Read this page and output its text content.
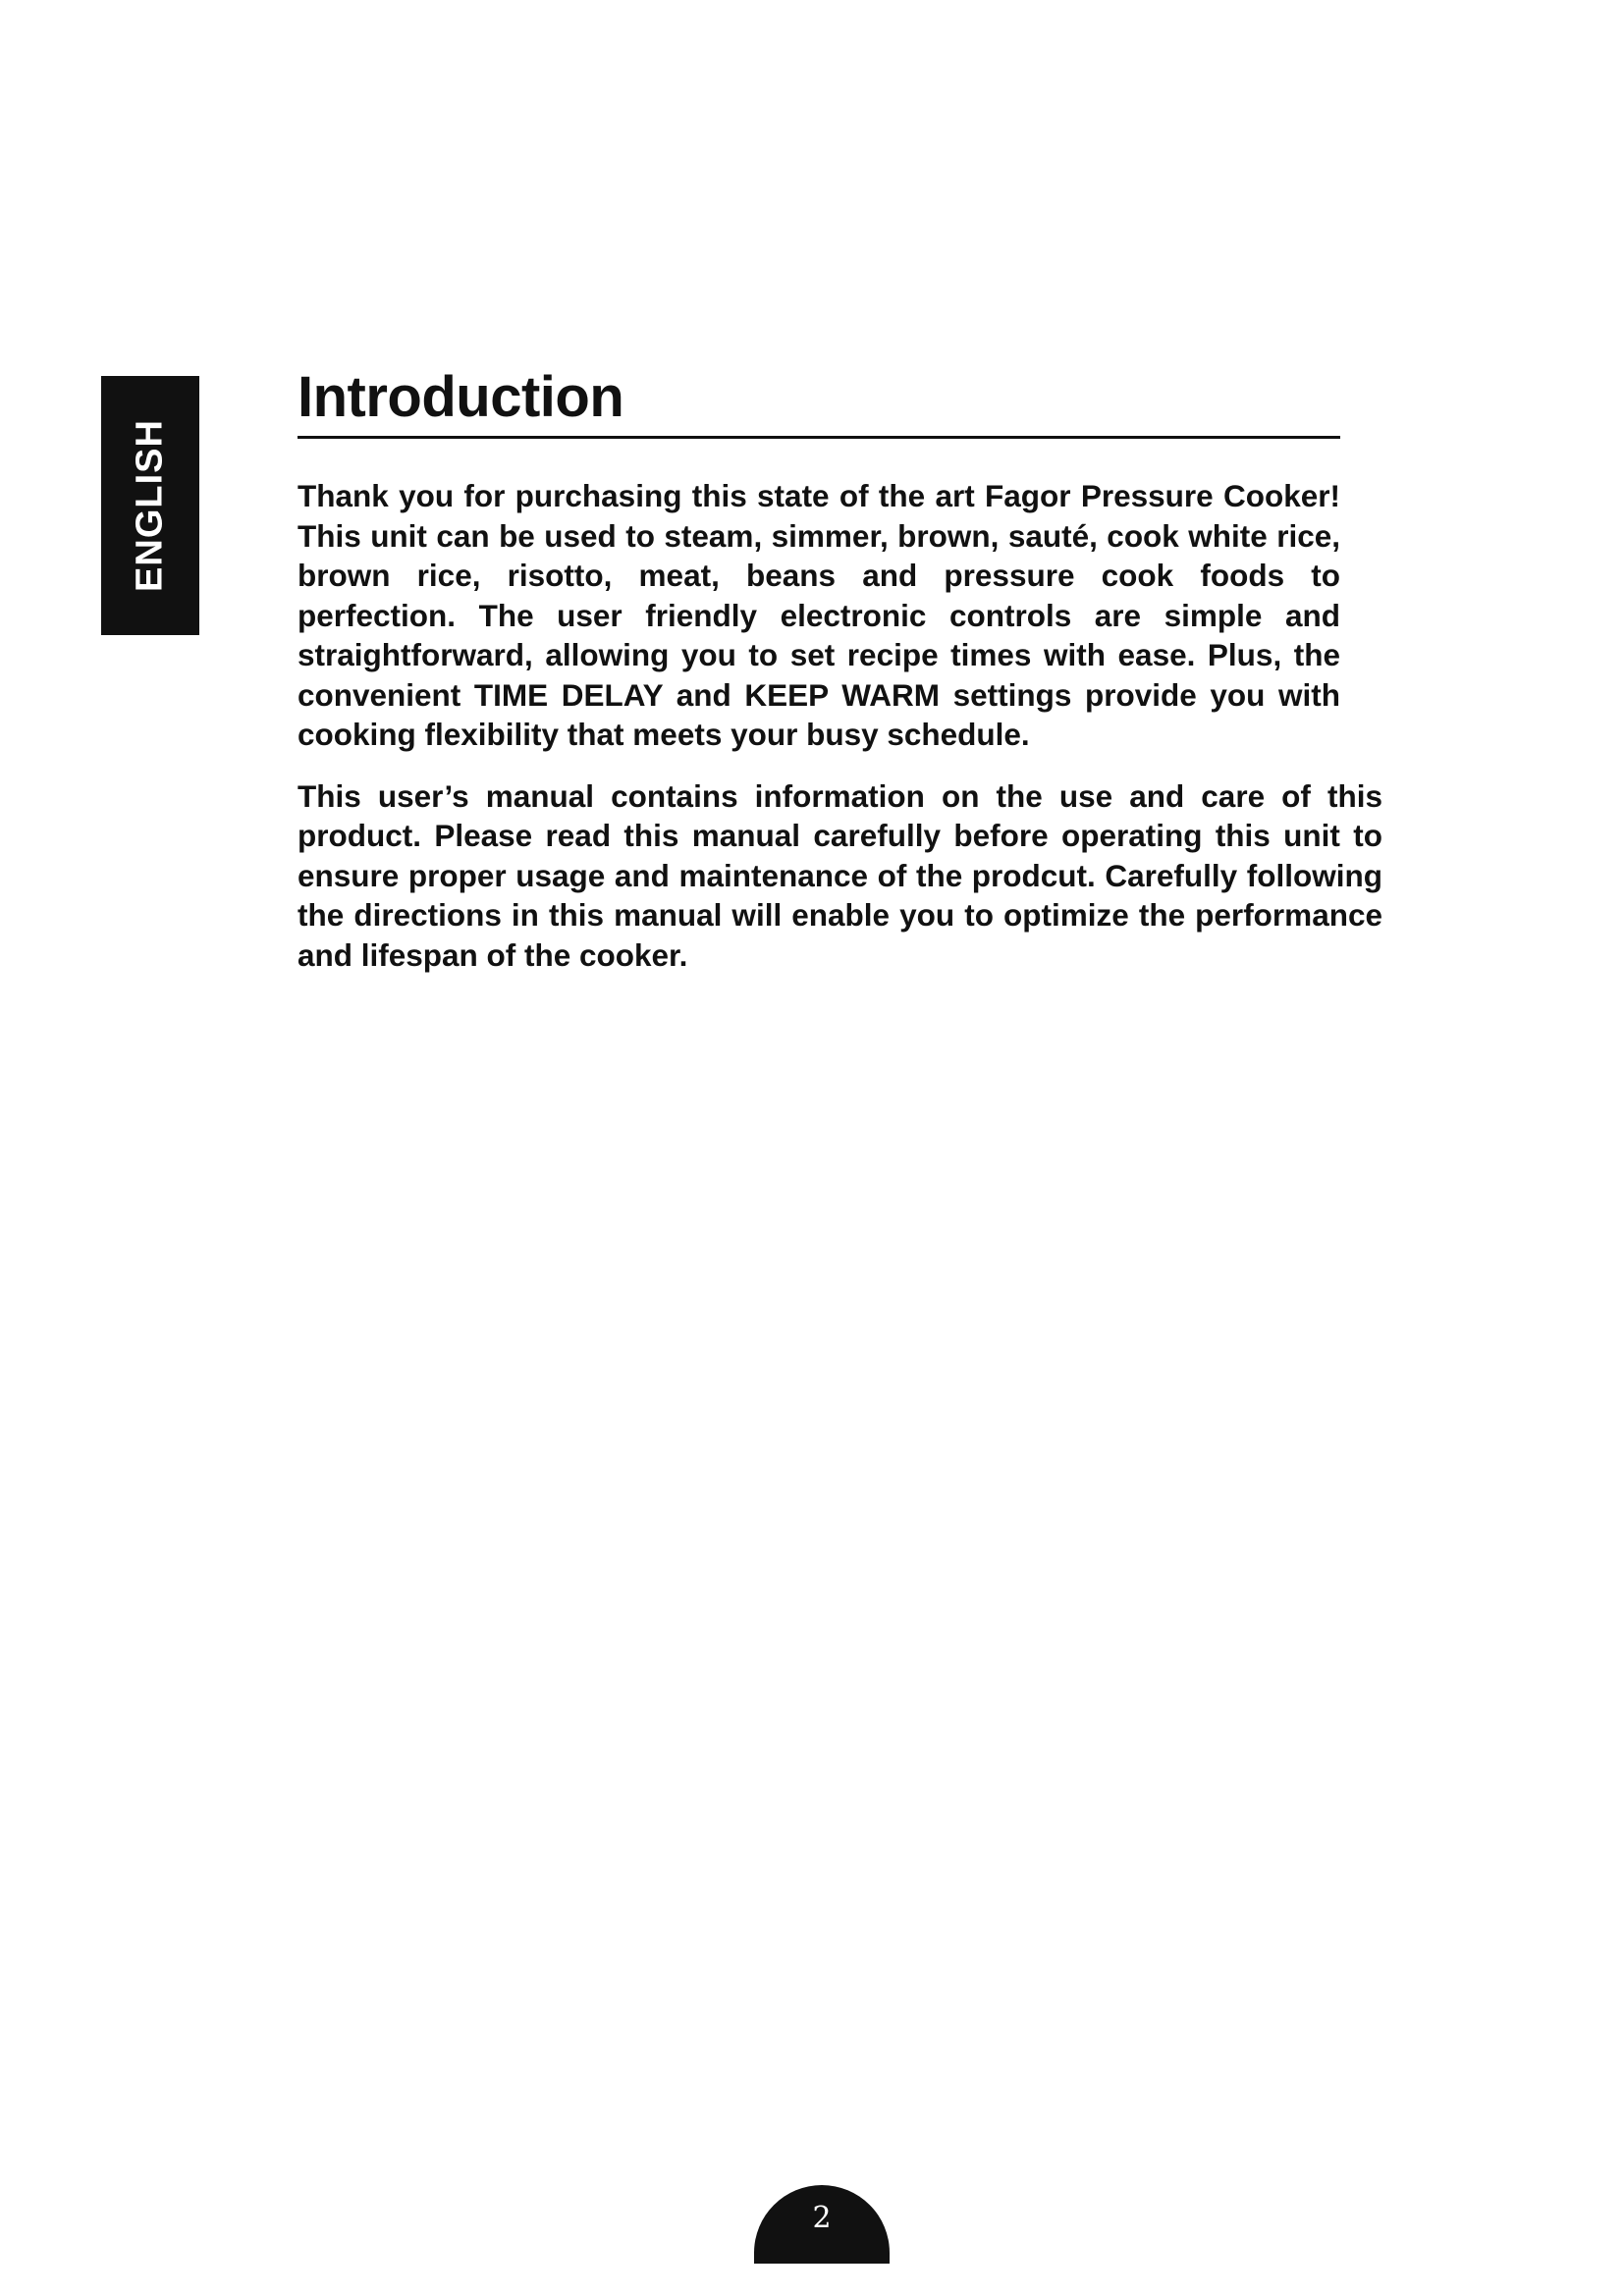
ENGLISH
Introduction

Thank you for purchasing this state of the art Fagor Pressure Cooker! This unit can be used to steam, simmer, brown, sauté, cook white rice, brown rice, risotto, meat, beans and pressure cook foods to perfection. The user friendly electronic controls are simple and straightforward, allowing you to set recipe times with ease. Plus, the convenient TIME DELAY and KEEP WARM settings provide you with cooking flexibility that meets your busy schedule.

This user’s manual contains information on the use and care of this product. Please read this manual carefully before operating this unit to ensure proper usage and maintenance of the prodcut. Carefully following the directions in this manual will enable you to optimize the performance and lifespan of the cooker.

2
